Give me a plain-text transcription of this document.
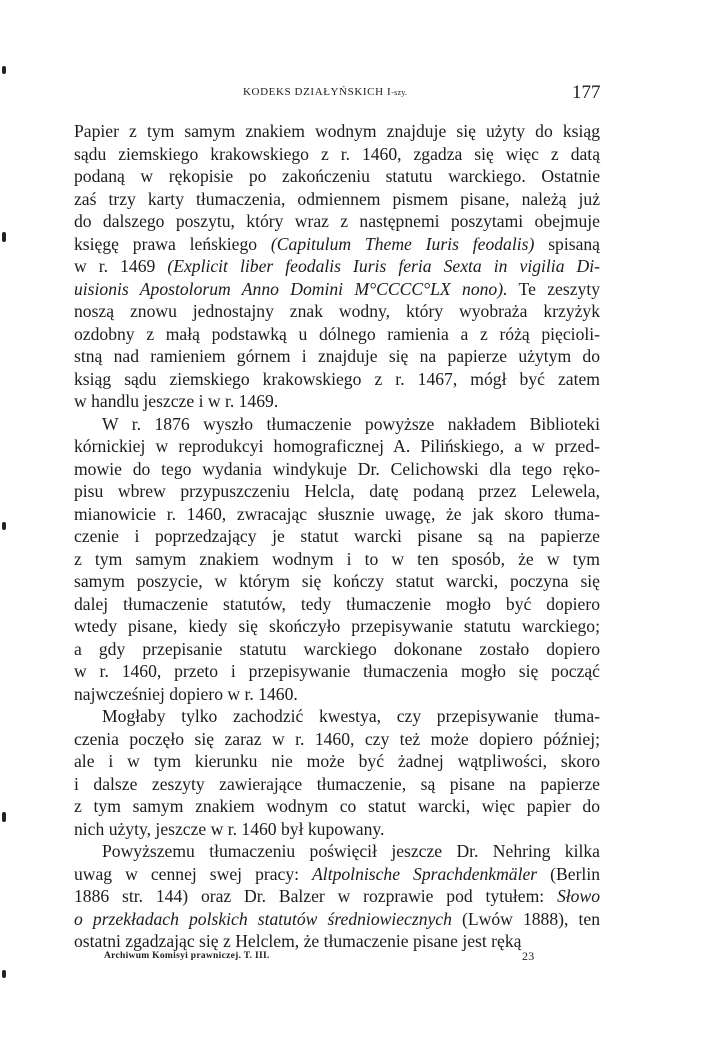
KODEKS DZIAŁYŃSKICH I-szy.	177
Papier z tym samym znakiem wodnym znajduje się użyty do ksiąg
sądu ziemskiego krakowskiego z r. 1460, zgadza się więc z datą
podaną w rękopisie po zakończeniu statutu warckiego. Ostatnie
zaś trzy karty tłumaczenia, odmiennem pismem pisane, należą już
do dalszego poszytu, który wraz z następnemi poszytami obejmuje
księgę prawa leńskiego (Capitulum Theme Iuris feodalis) spisaną
w r. 1469 (Explicit liber feodalis Iuris feria Sexta in vigilia Di-
uisionis Apostolorum Anno Domini M°CCCC°LX nono). Te zeszyty
noszą znowu jednostajny znak wodny, który wyobraża krzyżyk
ozdobny z małą podstawką u dólnego ramienia a z różą pięcioli-
stną nad ramieniem górnem i znajduje się na papierze użytym do
ksiąg sądu ziemskiego krakowskiego z r. 1467, mógł być zatem
w handlu jeszcze i w r. 1469.
W r. 1876 wyszło tłumaczenie powyższe nakładem Biblioteki
kórnickiej w reprodukcyi homograficznej A. Pilińskiego, a w przed-
mowie do tego wydania windykuje Dr. Celichowski dla tego ręko-
pisu wbrew przypuszczeniu Helcla, datę podaną przez Lelewela,
mianowicie r. 1460, zwracając słusznie uwagę, że jak skoro tłuma-
czenie i poprzedzający je statut warcki pisane są na papierze
z tym samym znakiem wodnym i to w ten sposób, że w tym
samym poszycie, w którym się kończy statut warcki, poczyna się
dalej tłumaczenie statutów, tedy tłumaczenie mogło być dopiero
wtedy pisane, kiedy się skończyło przepisywanie statutu warckiego;
a gdy przepisanie statutu warckiego dokonane zostało dopiero
w r. 1460, przeto i przepisywanie tłumaczenia mogło się począć
najwcześniej dopiero w r. 1460.
Mogłaby tylko zachodzić kwestya, czy przepisywanie tłuma-
czenia poczęło się zaraz w r. 1460, czy też może dopiero później;
ale i w tym kierunku nie może być żadnej wątpliwości, skoro
i dalsze zeszyty zawierające tłumaczenie, są pisane na papierze
z tym samym znakiem wodnym co statut warcki, więc papier do
nich użyty, jeszcze w r. 1460 był kupowany.
Powyższemu tłumaczeniu poświęcił jeszcze Dr. Nehring kilka
uwag w cennej swej pracy: Altpolnische Sprachdenkmäler (Berlin
1886 str. 144) oraz Dr. Balzer w rozprawie pod tytułem: Słowo
o przekładach polskich statutów średniowiecznych (Lwów 1888), ten
ostatni zgadzając się z Helclem, że tłumaczenie pisane jest ręką
Archiwum Komisyi prawniczej. T. III.	23
